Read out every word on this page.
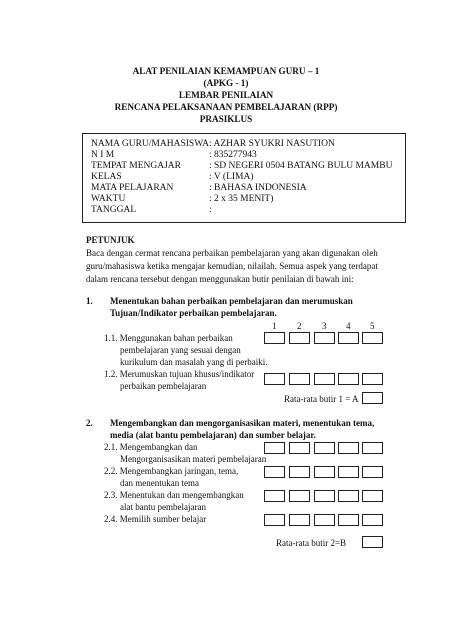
ALAT PENILAIAN KEMAMPUAN GURU – 1
(APKG - 1)
LEMBAR PENILAIAN
RENCANA PELAKSANAAN PEMBELAJARAN (RPP)
PRASIKLUS
NAMA GURU/MAHASISWA : AZHAR SYUKRI NASUTION
N I M	: 835277943
TEMPAT MENGAJAR	: SD NEGERI 0504 BATANG BULU MAMBU
KELAS	: V (LIMA)
MATA PELAJARAN	: BAHASA INDONESIA
WAKTU	: 2 x 35 MENIT)
TANGGAL	:
PETUNJUK
Baca dengan cermat rencana perbaikan pembelajaran yang akan digunakan oleh
guru/mahasiswa ketika mengajar kemudian, nilailah. Semua aspek yang terdapat
dalam rencana tersebut dengan menggunakan butir penilaian di bawah ini:
1. Menentukan bahan perbaikan pembelajaran dan merumuskan
Tujuan/Indikator perbaikan pembelajaran.
1 2 3 4 5
1.1. Menggunakan bahan perbaikan
pembelajaran yang sesuai dengan
kurikulum dan masalah yang di perbaiki.
1.2. Merumuskan tujuan khusus/indikator
perbaikan pembelajaran
Rata-rata butir 1 = A
2. Mengembangkan dan mengorganisasikan materi, menentukan tema,
media (alat bantu pembelajaran) dan sumber belajar.
2.1. Mengembangkan dan
Mengorganisasikan materi pembelajaran
2.2. Mengembangkan jaringan, tema,
dan menentukan tema
2.3. Menentukan dan mengembangkan
alat bantu pembelajaran
2.4. Memilih sumber belajar
Rata-rata butir 2=B
